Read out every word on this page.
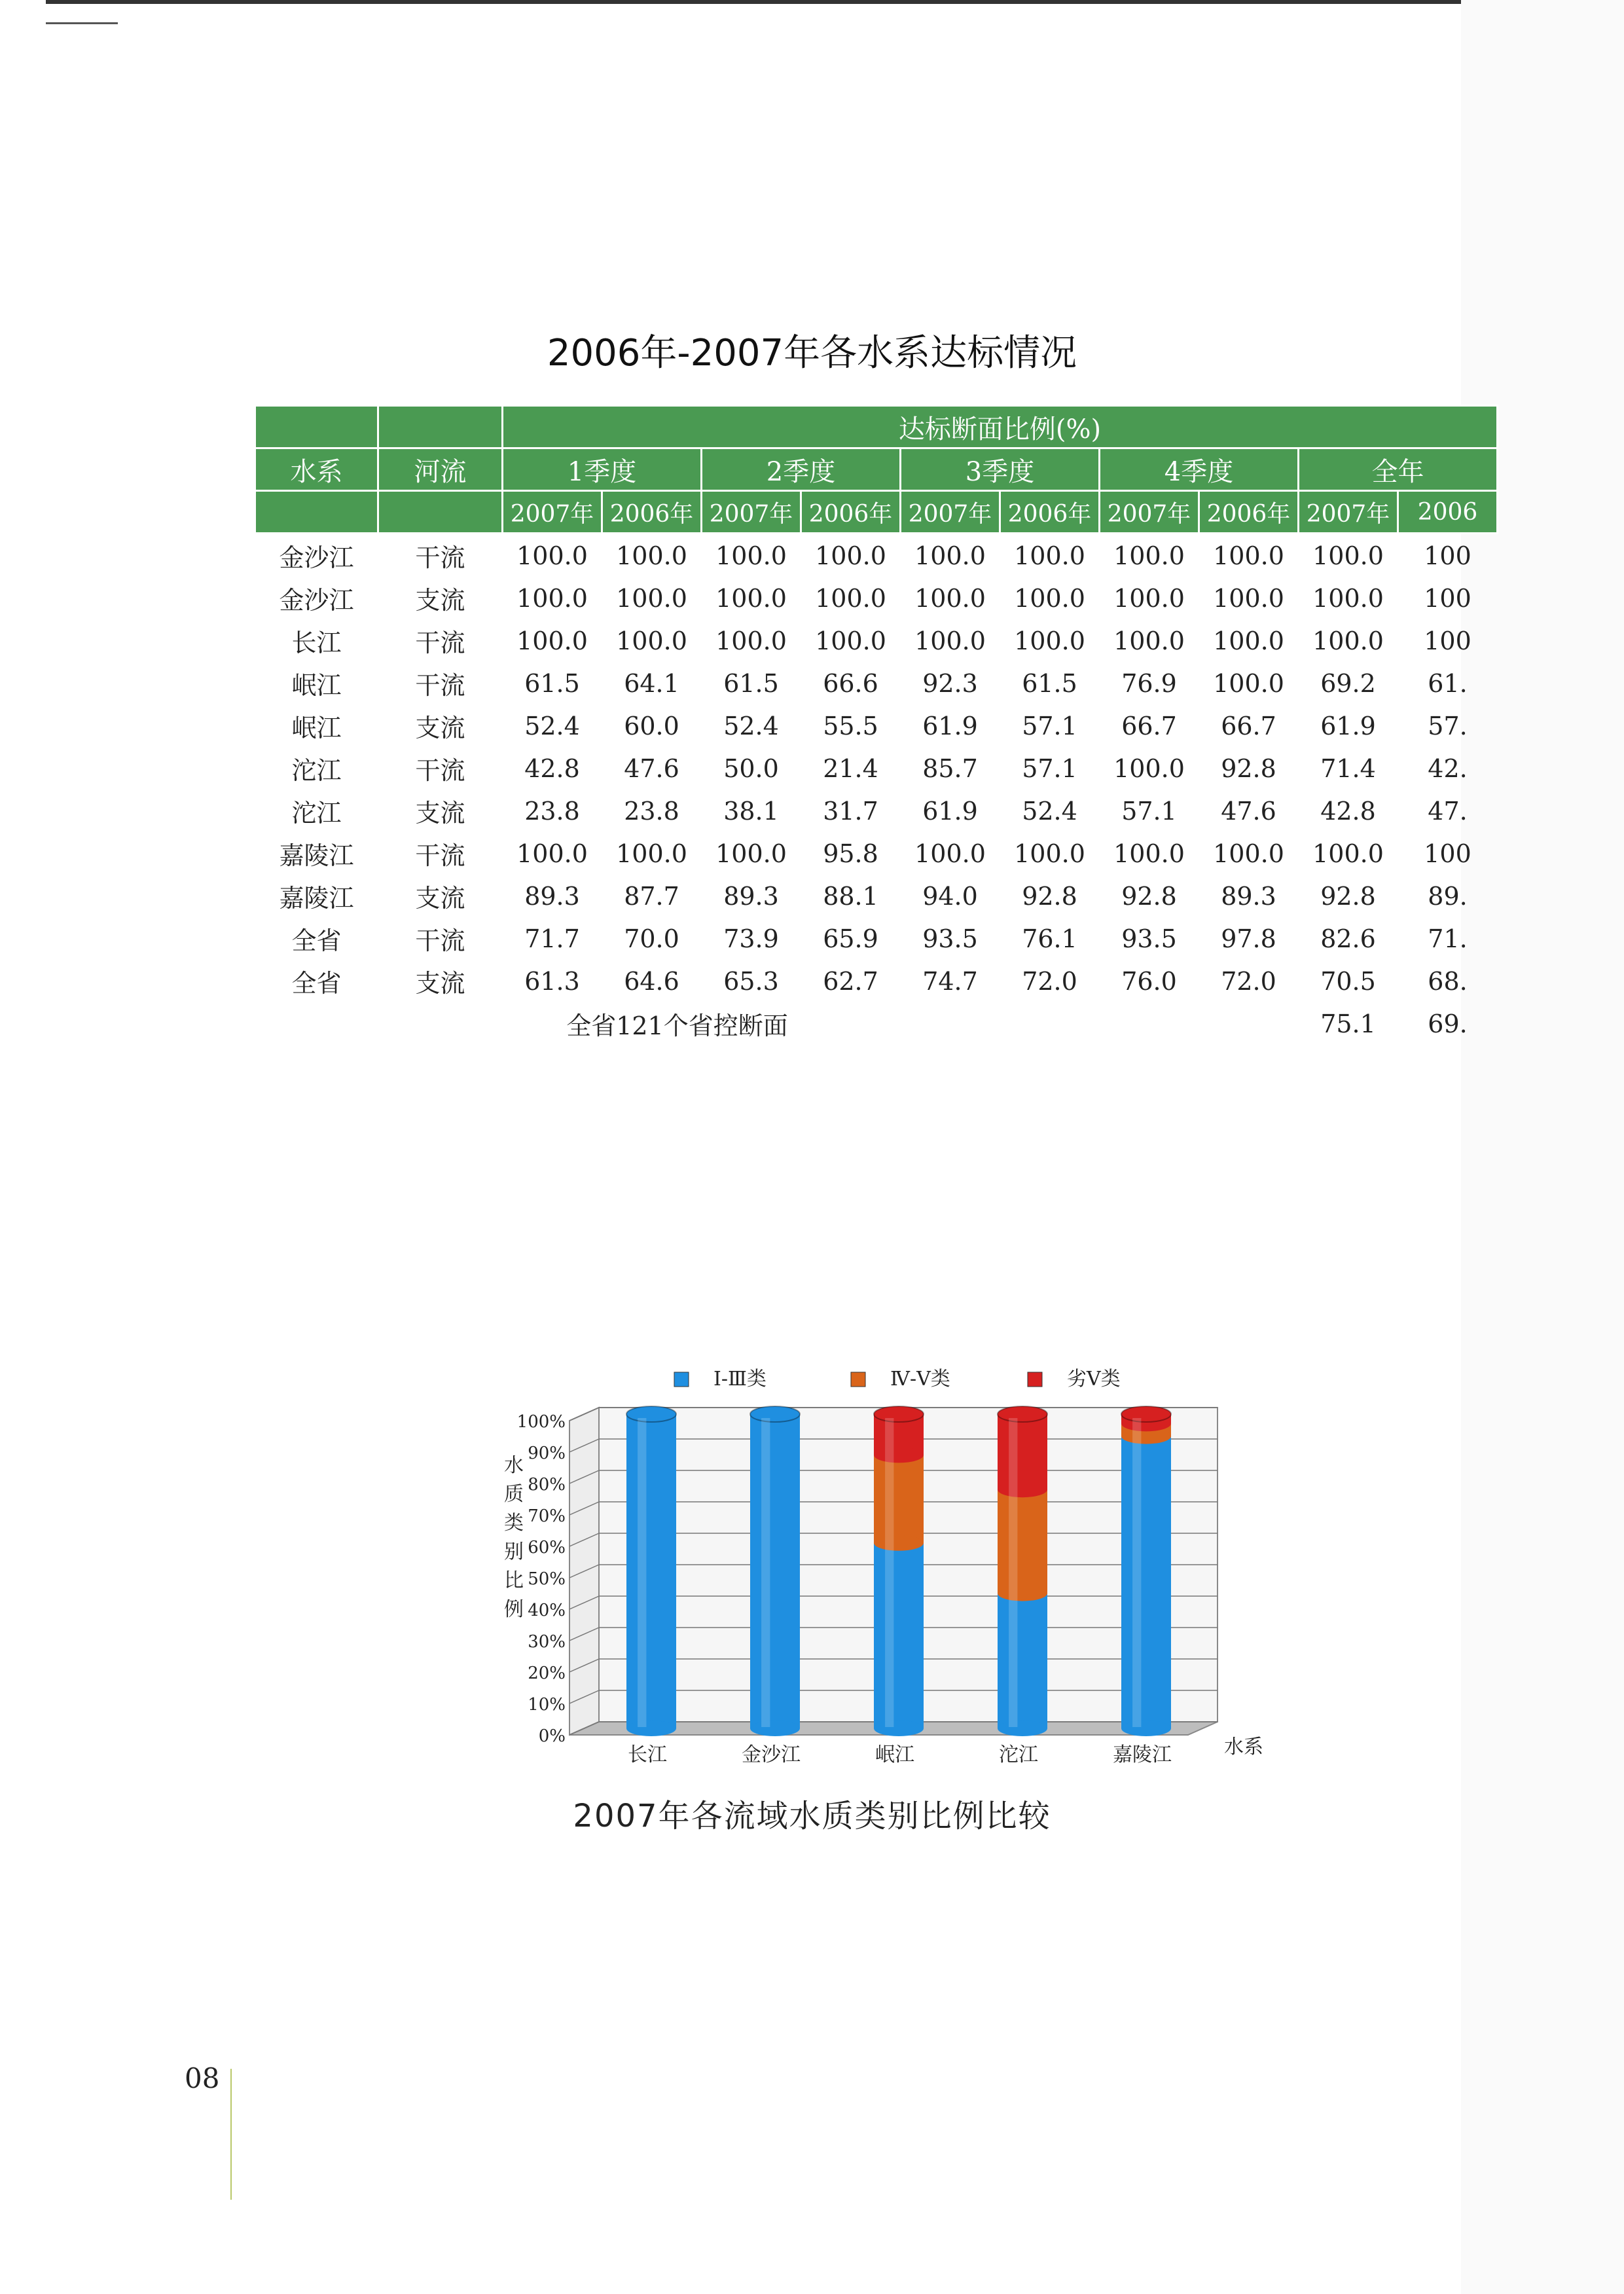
2006年-2007年各水系达标情况
		达标断面比例(%)									
水系	河流	1季度		2季度		3季度		4季度		全年	
		2007年	2006年	2007年	2006年	2007年	2006年	2007年	2006年	2007年	2006
金沙江	干流	100.0	100.0	100.0	100.0	100.0	100.0	100.0	100.0	100.0	100
金沙江	支流	100.0	100.0	100.0	100.0	100.0	100.0	100.0	100.0	100.0	100
长江	干流	100.0	100.0	100.0	100.0	100.0	100.0	100.0	100.0	100.0	100
岷江	干流	61.5	64.1	61.5	66.6	92.3	61.5	76.9	100.0	69.2	61.
岷江	支流	52.4	60.0	52.4	55.5	61.9	57.1	66.7	66.7	61.9	57.
沱江	干流	42.8	47.6	50.0	21.4	85.7	57.1	100.0	92.8	71.4	42.
沱江	支流	23.8	23.8	38.1	31.7	61.9	52.4	57.1	47.6	42.8	47.
嘉陵江	干流	100.0	100.0	100.0	95.8	100.0	100.0	100.0	100.0	100.0	100
嘉陵江	支流	89.3	87.7	89.3	88.1	94.0	92.8	92.8	89.3	92.8	89.
全省	干流	71.7	70.0	73.9	65.9	93.5	76.1	93.5	97.8	82.6	71.
全省	支流	61.3	64.6	65.3	62.7	74.7	72.0	76.0	72.0	70.5	68.
全省121个省控断面										75.1	69.
0%
10%
20%
30%
40%
50%
60%
70%
80%
90%
100%
水
质
类
别
比
例
长江	金沙江	岷江	沱江	嘉陵江	水系
Ⅰ-Ⅲ类	Ⅳ-Ⅴ类	劣Ⅴ类
2007年各流域水质类别比例比较
08
